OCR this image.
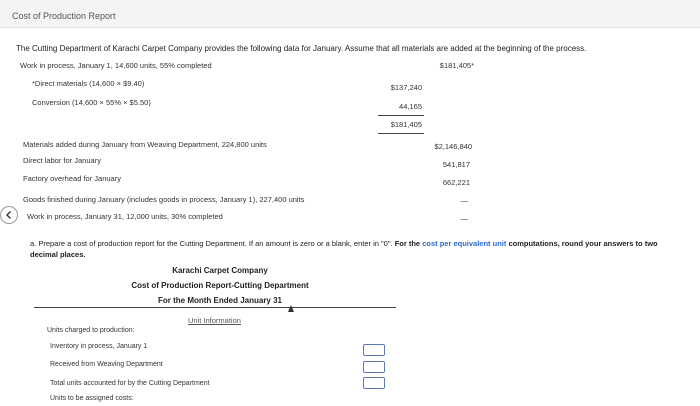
Cost of Production Report
The Cutting Department of Karachi Carpet Company provides the following data for January. Assume that all materials are added at the beginning of the process.
Work in process, January 1, 14,600 units, 55% completed	$181,405*
*Direct materials (14,600 × $9.40)	$137,240
Conversion (14,600 × 55% × $5.50)	44,165
$181,405
Materials added during January from Weaving Department, 224,800 units	$2,146,840
Direct labor for January	541,817
Factory overhead for January	662,221
Goods finished during January (includes goods in process, January 1), 227,400 units	—
Work in process, January 31, 12,000 units, 30% completed	—
a. Prepare a cost of production report for the Cutting Department. If an amount is zero or a blank, enter in "0". For the cost per equivalent unit computations, round your answers to two decimal places.
Karachi Carpet Company
Cost of Production Report-Cutting Department
For the Month Ended January 31
Unit Information
Units charged to production:
Inventory in process, January 1
Received from Weaving Department
Total units accounted for by the Cutting Department
Units to be assigned costs:
